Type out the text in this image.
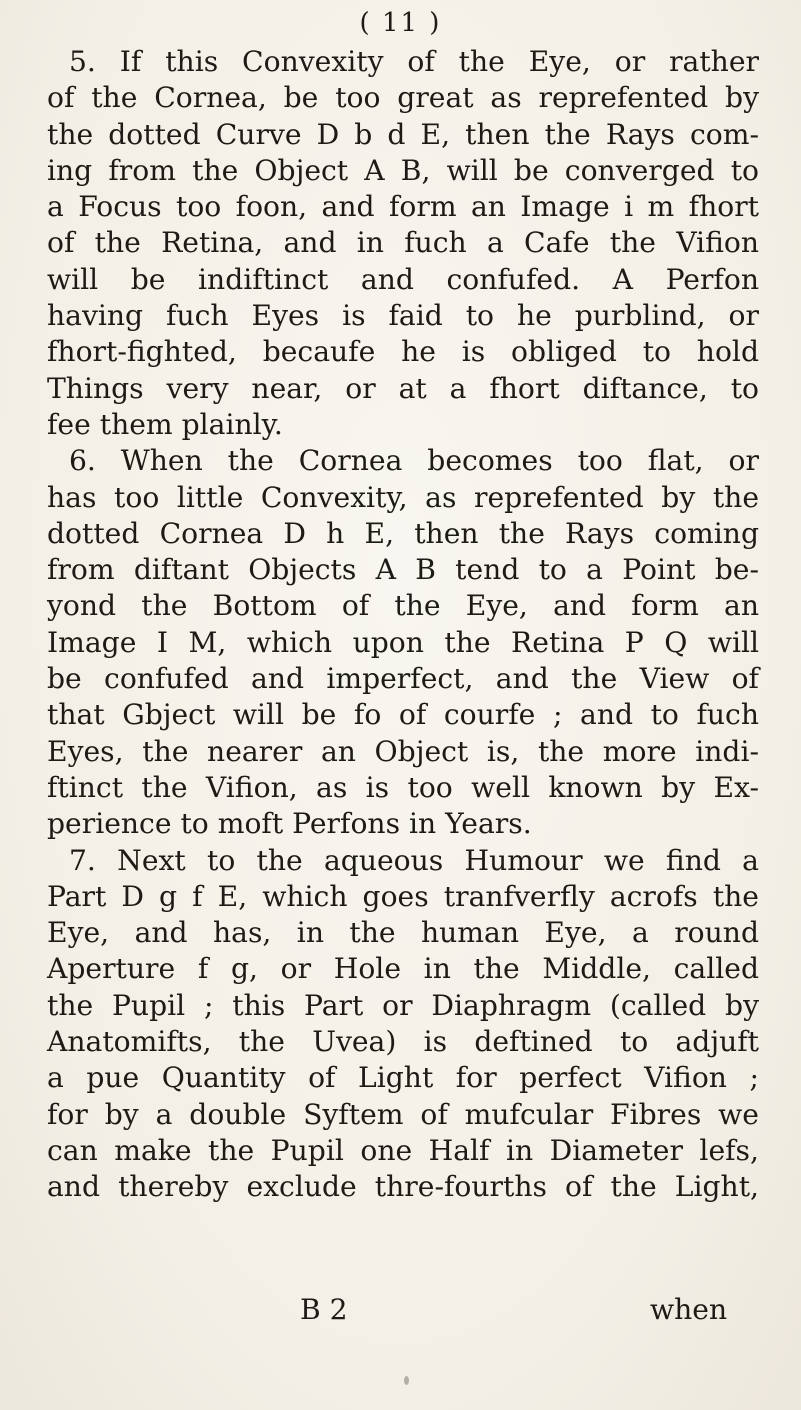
( 11 )
5. If this Convexity of the Eye, or rather
of the Cornea, be too great as reprefented by
the dotted Curve D b d E, then the Rays com-
ing from the Object A B, will be converged to
a Focus too foon, and form an Image i m fhort
of the Retina, and in fuch a Cafe the Vifion
will be indiftinct and confufed. A Perfon
having fuch Eyes is faid to he purblind, or
fhort-fighted, becaufe he is obliged to hold
Things very near, or at a fhort diftance, to
fee them plainly.
6. When the Cornea becomes too flat, or
has too little Convexity, as reprefented by the
dotted Cornea D h E, then the Rays coming
from diftant Objects A B tend to a Point be-
yond the Bottom of the Eye, and form an
Image I M, which upon the Retina P Q will
be confufed and imperfect, and the View of
that Gbject will be fo of courfe ; and to fuch
Eyes, the nearer an Object is, the more indi-
ftinct the Vifion, as is too well known by Ex-
perience to moft Perfons in Years.
7. Next to the aqueous Humour we find a
Part D g f E, which goes tranfverfly acrofs the
Eye, and has, in the human Eye, a round
Aperture f g, or Hole in the Middle, called
the Pupil ; this Part or Diaphragm (called by
Anatomifts, the Uvea) is deftined to adjuft
a pue Quantity of Light for perfect Vifion ;
for by a double Syftem of mufcular Fibres we
can make the Pupil one Half in Diameter lefs,
and thereby exclude thre-fourths of the Light,
B 2	when
